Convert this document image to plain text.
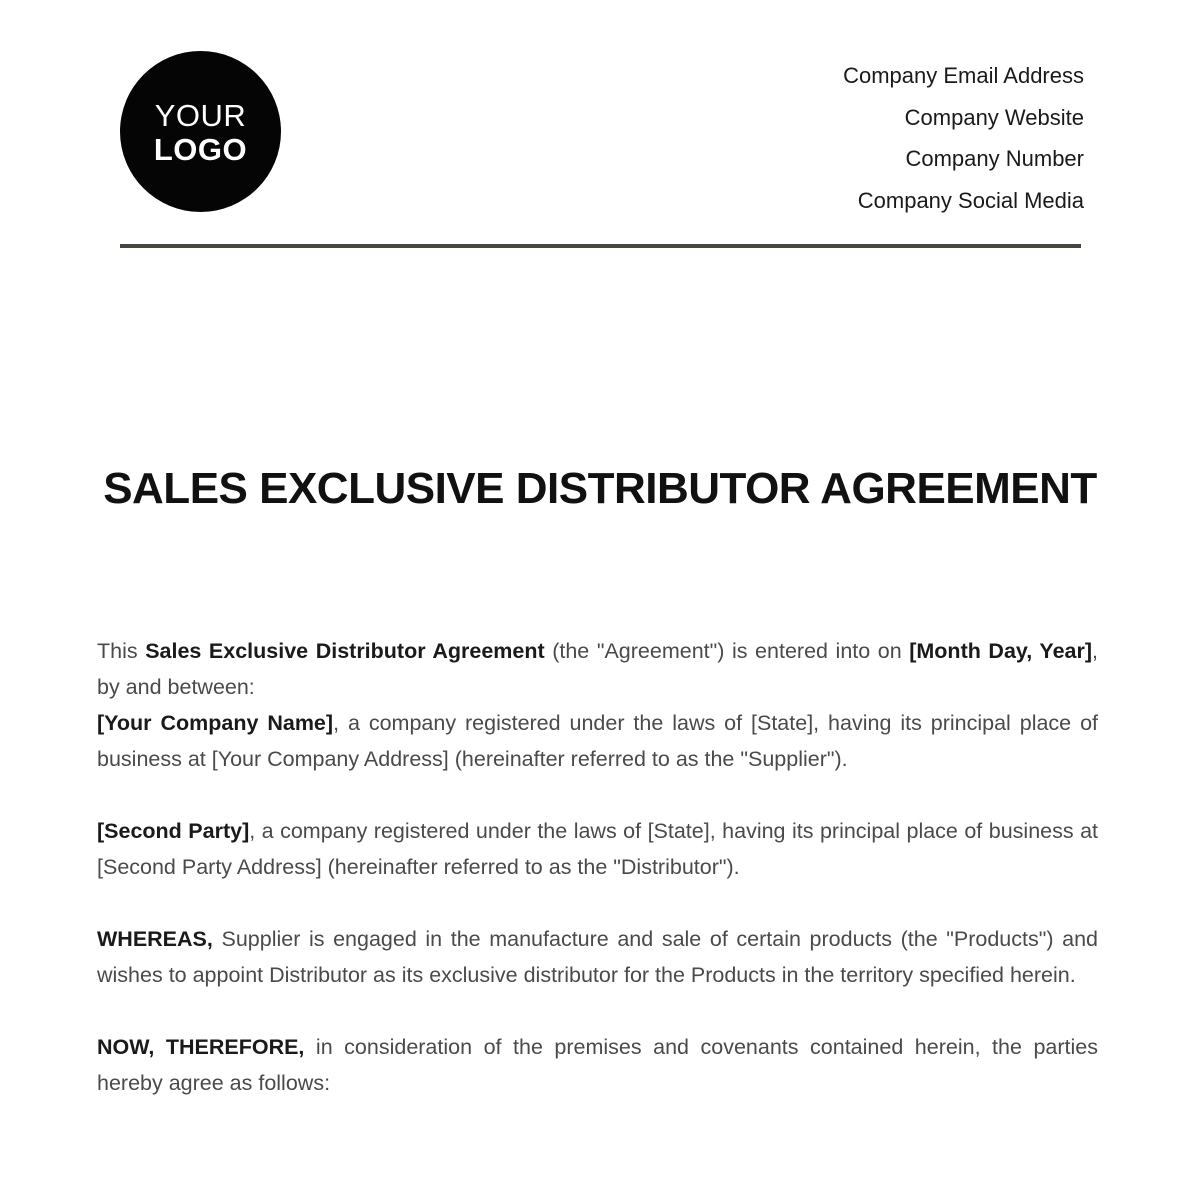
YOUR
LOGO
Company Email Address
Company Website
Company Number
Company Social Media
SALES EXCLUSIVE DISTRIBUTOR AGREEMENT

This Sales Exclusive Distributor Agreement (the "Agreement") is entered into on [Month Day, Year], by and between:

[Your Company Name], a company registered under the laws of [State], having its principal place of business at [Your Company Address] (hereinafter referred to as the "Supplier").

[Second Party], a company registered under the laws of [State], having its principal place of business at [Second Party Address] (hereinafter referred to as the "Distributor").

WHEREAS, Supplier is engaged in the manufacture and sale of certain products (the "Products") and wishes to appoint Distributor as its exclusive distributor for the Products in the territory specified herein.

NOW, THEREFORE, in consideration of the premises and covenants contained herein, the parties hereby agree as follows:
